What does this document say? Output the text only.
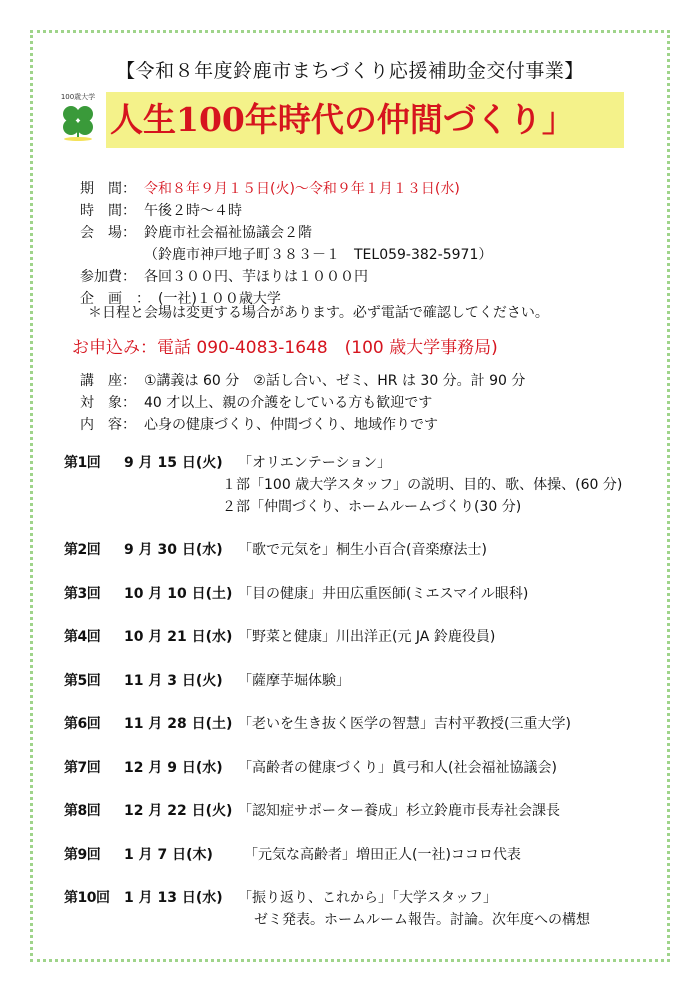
【令和８年度鈴鹿市まちづくり応援補助金交付事業】
100歳大学
人生100年時代の仲間づくり」
期　間： 令和８年９月１５日(火)～令和９年１月１３日(水)
時　間： 午後２時～４時
会　場： 鈴鹿市社会福祉協議会２階
（鈴鹿市神戸地子町３８３－１　TEL059-382-5971）
参加費： 各回３００円、芋ほりは１０００円
企　画　： (一社)１００歳大学
＊日程と会場は変更する場合があります。必ず電話で確認してください。
お申込み：電話 090-4083-1648　(100 歳大学事務局)
講　座： ①講義は 60 分　②話し合い、ゼミ、HR は 30 分。計 90 分
対　象： 40 才以上、親の介護をしている方も歓迎です
内　容： 心身の健康づくり、仲間づくり、地域作りです
第1回 9 月 15 日(火) 「オリエンテーション」
１部「100 歳大学スタッフ」の説明、目的、歌、体操、(60 分)
２部「仲間づくり、ホームルームづくり(30 分)
第2回 9 月 30 日(水) 「歌で元気を」桐生小百合(音楽療法士)
第3回 10 月 10 日(土) 「目の健康」井田広重医師(ミエスマイル眼科)
第4回 10 月 21 日(水) 「野菜と健康」川出洋正(元 JA 鈴鹿役員)
第5回 11 月 3 日(火) 「薩摩芋堀体験」
第6回 11 月 28 日(土) 「老いを生き抜く医学の智慧」吉村平教授(三重大学)
第7回 12 月 9 日(水) 「高齢者の健康づくり」眞弓和人(社会福祉協議会)
第8回 12 月 22 日(火) 「認知症サポーター養成」杉立鈴鹿市長寿社会課長
第9回 1 月 7 日(木) 「元気な高齢者」増田正人(一社)ココロ代表
第10回 1 月 13 日(水) 「振り返り、これから」「大学スタッフ」
ゼミ発表。ホームルーム報告。討論。次年度への構想
